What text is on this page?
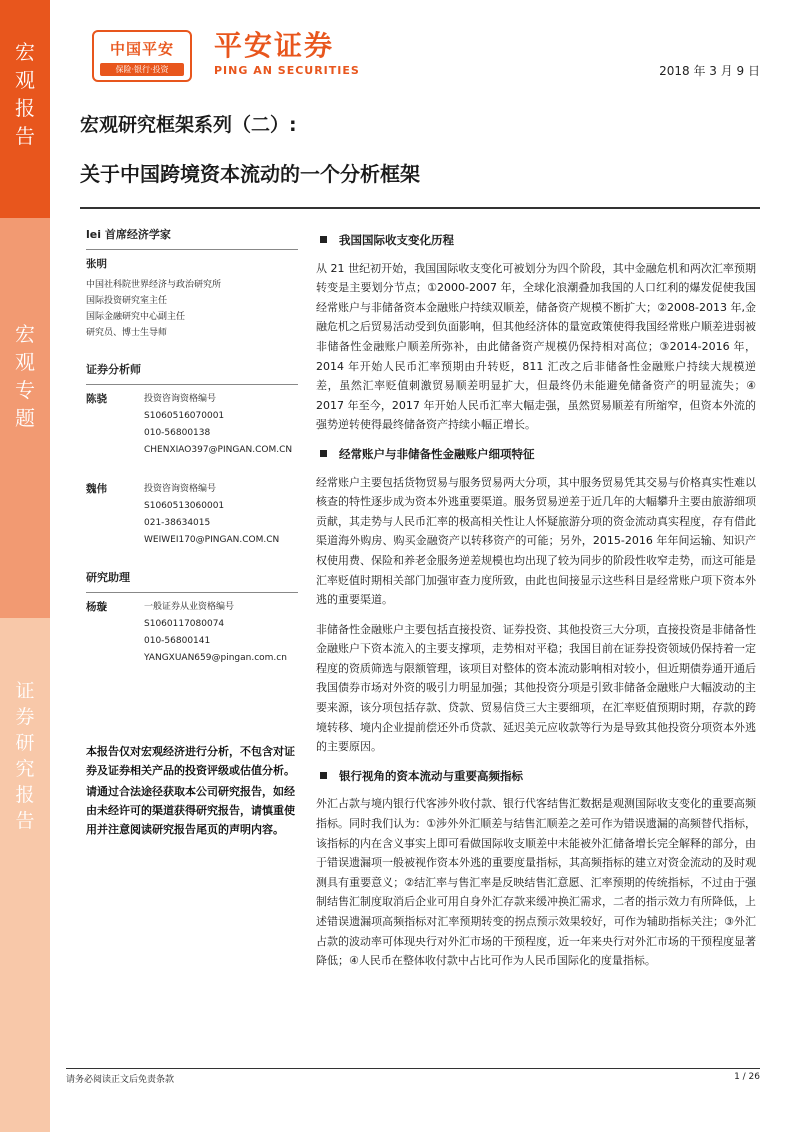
宏
观
报
告
宏
观
专
题
证
券
研
究
报
告
中国平安
保险·银行·投资
平安证券
PING AN SECURITIES	2018 年 3 月 9 日
宏观研究框架系列（二）:
关于中国跨境资本流动的一个分析框架
lei 首席经济学家
张明
中国社科院世界经济与政治研究所
国际投资研究室主任
国际金融研究中心副主任
研究员、博士生导师
证券分析师
陈骁	投资咨询资格编号
S1060516070001
010-56800138
CHENXIAO397@PINGAN.COM.CN
魏伟	投资咨询资格编号
S1060513060001
021-38634015
WEIWEI170@PINGAN.COM.CN
研究助理
杨璇	一般证券从业资格编号
S1060117080074
010-56800141
YANGXUAN659@pingan.com.cn

本报告仅对宏观经济进行分析，不包含对证券及证券相关产品的投资评级或估值分析。

请通过合法途径获取本公司研究报告，如经由未经许可的渠道获得研究报告，请慎重使用并注意阅读研究报告尾页的声明内容。

我国国际收支变化历程

从 21 世纪初开始，我国国际收支变化可被划分为四个阶段，其中金融危机和两次汇率预期转变是主要划分节点；①2000-2007 年，全球化浪潮叠加我国的人口红利的爆发促使我国经常账户与非储备资本金融账户持续双顺差，储备资产规模不断扩大；②2008-2013 年,金融危机之后贸易活动受到负面影响，但其他经济体的量宽政策使得我国经常账户顺差进弱被非储备性金融账户顺差所弥补，由此储备资产规模仍保持相对高位；③2014-2016 年，2014 年开始人民币汇率预期由升转贬，811 汇改之后非储备性金融账户持续大规模逆差，虽然汇率贬值刺激贸易顺差明显扩大，但最终仍未能避免储备资产的明显流失；④ 2017 年至今，2017 年开始人民币汇率大幅走强，虽然贸易顺差有所缩窄，但资本外流的强势逆转使得最终储备资产持续小幅正增长。

经常账户与非储备性金融账户细项特征

经常账户主要包括货物贸易与服务贸易两大分项，其中服务贸易凭其交易与价格真实性难以核查的特性逐步成为资本外逃重要渠道。服务贸易逆差于近几年的大幅攀升主要由旅游细项贡献，其走势与人民币汇率的极高相关性让人怀疑旅游分项的资金流动真实程度，存有借此渠道海外购房、购买金融资产以转移资产的可能；另外，2015-2016 年年间运输、知识产权使用费、保险和养老金服务逆差规模也均出现了较为同步的阶段性收窄走势，而这可能是汇率贬值时期相关部门加强审查力度所致，由此也间接显示这些科目是经常账户项下资本外逃的重要渠道。

非储备性金融账户主要包括直接投资、证券投资、其他投资三大分项，直接投资是非储备性金融账户下资本流入的主要支撑项，走势相对平稳；我国目前在证券投资领域仍保持着一定程度的资质筛选与限额管理，该项目对整体的资本流动影响相对较小，但近期债券通开通后我国债券市场对外资的吸引力明显加强；其他投资分项是引致非储备金融账户大幅波动的主要来源，该分项包括存款、贷款、贸易信贷三大主要细项，在汇率贬值预期时期，存款的跨境转移、境内企业提前偿还外币贷款、延迟美元应收款等行为是导致其他投资分项资本外逃的主要原因。

银行视角的资本流动与重要高频指标

外汇占款与境内银行代客涉外收付款、银行代客结售汇数据是观测国际收支变化的重要高频指标。同时我们认为：①涉外外汇顺差与结售汇顺差之差可作为错误遗漏的高频替代指标，该指标的内在含义事实上即可看做国际收支顺差中未能被外汇储备增长完全解释的部分，由于错误遗漏项一般被视作资本外逃的重要度量指标，其高频指标的建立对资金流动的及时观测具有重要意义；②结汇率与售汇率是反映结售汇意愿、汇率预期的传统指标，不过由于强制结售汇制度取消后企业可用自身外汇存款来缓冲换汇需求，二者的指示效力有所降低，上述错误遗漏项高频指标对汇率预期转变的拐点预示效果较好，可作为辅助指标关注；③外汇占款的波动率可体现央行对外汇市场的干预程度，近一年来央行对外汇市场的干预程度显著降低；④人民币在整体收付款中占比可作为人民币国际化的度量指标。

请务必阅读正文后免责条款	1 / 26
